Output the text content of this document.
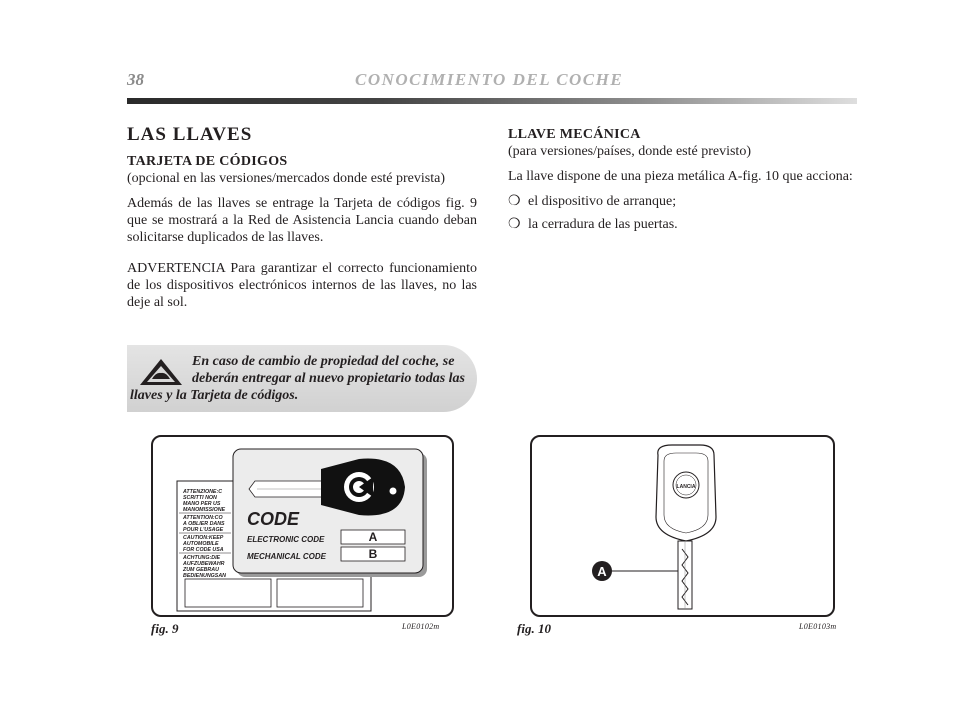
38	CONOCIMIENTO DEL COCHE
LAS LLAVES
TARJETA DE CÓDIGOS

(opcional en las versiones/mercados donde esté prevista)

Además de las llaves se entrage la Tarjeta de códigos fig. 9 que se mostrará a la Red de Asistencia Lancia cuando deban solicitarse duplicados de las llaves.

ADVERTENCIA Para garantizar el correcto funcionamiento de los dispositivos electrónicos internos de las llaves, no las deje al sol.

En caso de cambio de propiedad del coche, se deberán entregar al nuevo propietario todas las llaves y la Tarjeta de códigos.
LLAVE MECÁNICA

(para versiones/países, donde esté previsto)

La llave dispone de una pieza metálica A-fig. 10 que acciona:

❍ el dispositivo de arranque;
❍ la cerradura de las puertas.
ATTENZIONE:C
SCRITTI NON
MANO PER US
MANOMISSIONE
ATTENTION:CO
A OBLIER DANS
POUR L'USAGE
CAUTION:KEEP
AUTOMOBILE
FOR CODE USA
ACHTUNG:DIE
AUFZUBEWAHR
ZUM GEBRAU
BEDIENUNGSAN
CODE
ELECTRONIC CODE	A
MECHANICAL CODE	B
fig. 9	L0E0102m
LANCIA
A
fig. 10	L0E0103m
